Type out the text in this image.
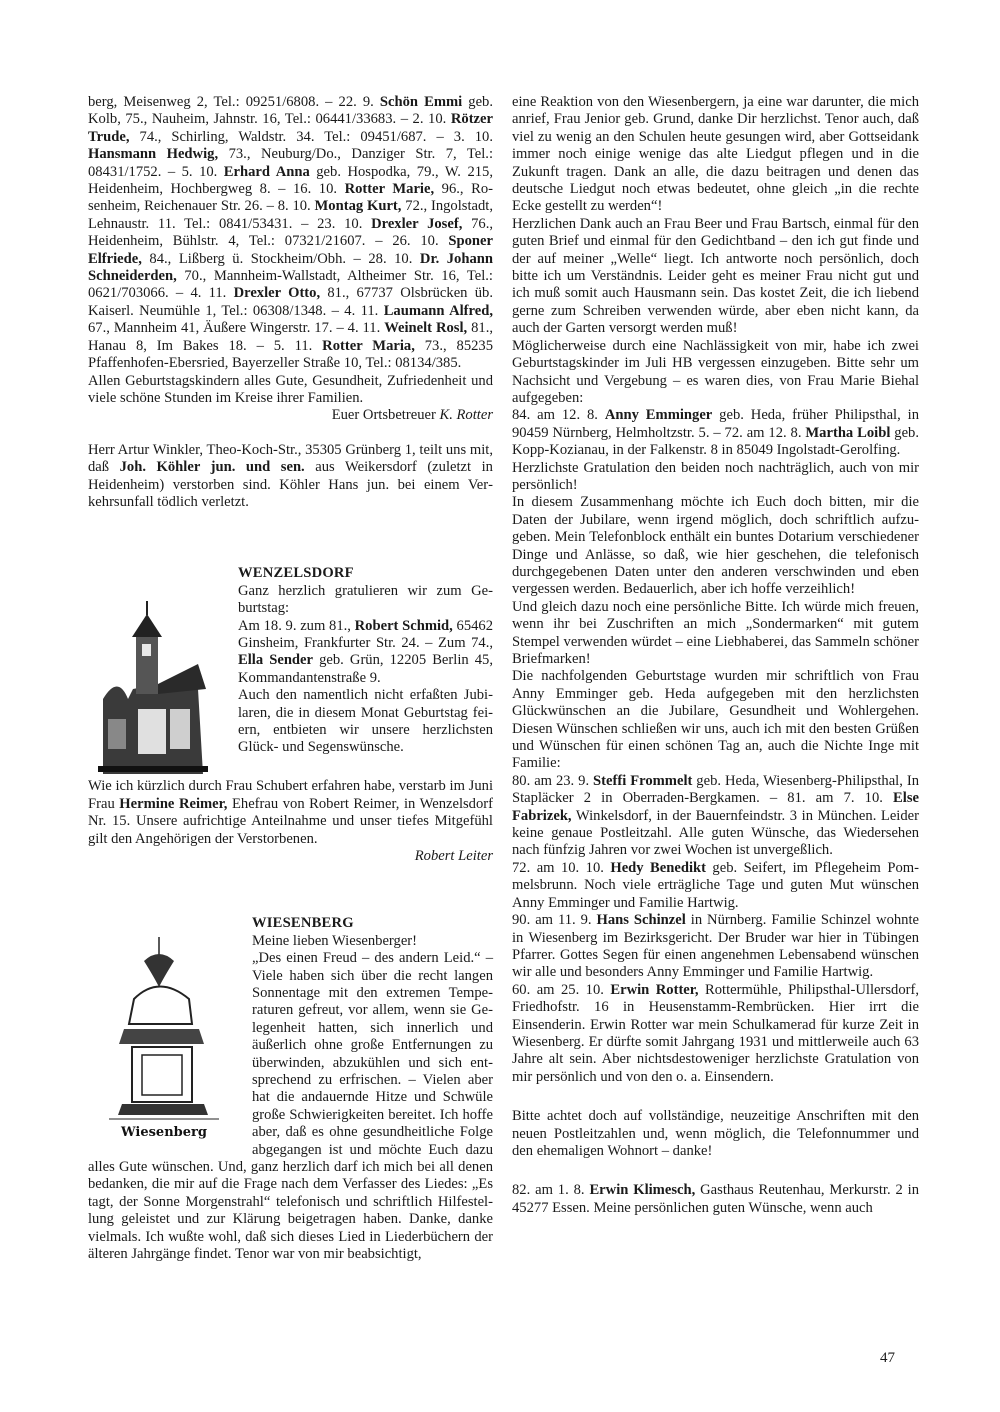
berg, Meisenweg 2, Tel.: 09251/6808. – 22. 9. Schön Emmi geb. Kolb, 75., Nauheim, Jahnstr. 16, Tel.: 06441/33683. – 2. 10. Rötzer Trude, 74., Schirling, Waldstr. 34. Tel.: 09451/687. – 3. 10. Hansmann Hedwig, 73., Neuburg/Do., Danziger Str. 7, Tel.: 08431/1752. – 5. 10. Erhard Anna geb. Hospodka, 79., W. 215, Heidenheim, Hochbergweg 8. – 16. 10. Rotter Marie, 96., Rosenheim, Reichenauer Str. 26. – 8. 10. Montag Kurt, 72., Ingolstadt, Lehnaustr. 11. Tel.: 0841/53431. – 23. 10. Drexler Josef, 76., Heidenheim, Bühlstr. 4, Tel.: 07321/21607. – 26. 10. Sponer Elfriede, 84., Lißberg ü. Stockheim/Obh. – 28. 10. Dr. Johann Schneiderden, 70., Mannheim-Wallstadt, Altheimer Str. 16, Tel.: 0621/703066. – 4. 11. Drexler Otto, 81., 67737 Olsbrücken üb. Kaiserl. Neumühle 1, Tel.: 06308/1348. – 4. 11. Laumann Alfred, 67., Mannheim 41, Äußere Wingerstr. 17. – 4. 11. Weinelt Rosl, 81., Hanau 8, Im Bakes 18. – 5. 11. Rotter Maria, 73., 85235 Pfaffenhofen-Ebersried, Bayerzeller Straße 10, Tel.: 08134/385.

Allen Geburtstagskindern alles Gute, Gesundheit, Zufriedenheit und viele schöne Stunden im Kreise ihrer Familien.

Euer Ortsbetreuer K. Rotter

Herr Artur Winkler, Theo-Koch-Str., 35305 Grünberg 1, teilt uns mit, daß Joh. Köhler jun. und sen. aus Weikersdorf (zuletzt in Heidenheim) verstorben sind. Köhler Hans jun. bei einem Verkehrsunfall tödlich verletzt.

WENZELSDORF

Ganz herzlich gratulieren wir zum Geburtstag:

Am 18. 9. zum 81., Robert Schmid, 65462 Ginsheim, Frankfurter Str. 24. – Zum 74., Ella Sender geb. Grün, 12205 Berlin 45, Kommandantenstraße 9.

Auch den namentlich nicht erfaßten Jubilaren, die in diesem Monat Geburtstag feiern, entbieten wir unsere herzlichsten Glück- und Segenswünsche.

Wie ich kürzlich durch Frau Schubert erfahren habe, verstarb im Juni Frau Hermine Reimer, Ehefrau von Robert Reimer, in Wenzelsdorf Nr. 15. Unsere aufrichtige Anteilnahme und unser tiefes Mitgefühl gilt den Angehörigen der Verstorbenen.

Robert Leiter

Wiesenberg

WIESENBERG

Meine lieben Wiesenberger!

„Des einen Freud – des andern Leid.“ – Viele haben sich über die recht langen Sonnentage mit den extremen Temperaturen gefreut, vor allem, wenn sie Gelegenheit hatten, sich innerlich und äußerlich ohne große Entfernungen zu überwinden, abzukühlen und sich entsprechend zu erfrischen. – Vielen aber hat die andauernde Hitze und Schwüle große Schwierigkeiten bereitet. Ich hoffe aber, daß es ohne gesundheitliche Folge abgegangen ist und möchte Euch dazu alles Gute wünschen. Und, ganz herzlich darf ich mich bei all denen bedanken, die mir auf die Frage nach dem Verfasser des Liedes: „Es tagt, der Sonne Morgenstrahl“ telefonisch und schriftlich Hilfestellung geleistet und zur Klärung beigetragen haben. Danke, danke vielmals. Ich wußte wohl, daß sich dieses Lied in Liederbüchern der älteren Jahrgänge findet. Tenor war von mir beabsichtigt,

eine Reaktion von den Wiesenbergern, ja eine war darunter, die mich anrief, Frau Jenior geb. Grund, danke Dir herzlichst. Tenor auch, daß viel zu wenig an den Schulen heute gesungen wird, aber Gottseidank immer noch einige wenige das alte Liedgut pflegen und in die Zukunft tragen. Dank an alle, die dazu beitragen und denen das deutsche Liedgut noch etwas bedeutet, ohne gleich „in die rechte Ecke gestellt zu werden“!

Herzlichen Dank auch an Frau Beer und Frau Bartsch, einmal für den guten Brief und einmal für den Gedichtband – den ich gut finde und der auf meiner „Welle“ liegt. Ich antworte noch persönlich, doch bitte ich um Verständnis. Leider geht es meiner Frau nicht gut und ich muß somit auch Hausmann sein. Das kostet Zeit, die ich liebend gerne zum Schreiben verwenden würde, aber eben nicht kann, da auch der Garten versorgt werden muß!

Möglicherweise durch eine Nachlässigkeit von mir, habe ich zwei Geburtstagskinder im Juli HB vergessen einzugeben. Bitte sehr um Nachsicht und Vergebung – es waren dies, von Frau Marie Biehal aufgegeben:

84. am 12. 8. Anny Emminger geb. Heda, früher Philipsthal, in 90459 Nürnberg, Helmholtzstr. 5. – 72. am 12. 8. Martha Loibl geb. Kopp-Kozianau, in der Falkenstr. 8 in 85049 Ingolstadt-Gerolfing.

Herzlichste Gratulation den beiden noch nachträglich, auch von mir persönlich!

In diesem Zusammenhang möchte ich Euch doch bitten, mir die Daten der Jubilare, wenn irgend möglich, doch schriftlich aufzugeben. Mein Telefonblock enthält ein buntes Dotarium verschiedener Dinge und Anlässe, so daß, wie hier geschehen, die telefonisch durchgegebenen Daten unter den anderen verschwinden und eben vergessen werden. Bedauerlich, aber ich hoffe verzeihlich!

Und gleich dazu noch eine persönliche Bitte. Ich würde mich freuen, wenn ihr bei Zuschriften an mich „Sondermarken“ mit gutem Stempel verwenden würdet – eine Liebhaberei, das Sammeln schöner Briefmarken!

Die nachfolgenden Geburtstage wurden mir schriftlich von Frau Anny Emminger geb. Heda aufgegeben mit den herzlichsten Glückwünschen an die Jubilare, Gesundheit und Wohlergehen. Diesen Wünschen schließen wir uns, auch ich mit den besten Grüßen und Wünschen für einen schönen Tag an, auch die Nichte Inge mit Familie:

80. am 23. 9. Steffi Frommelt geb. Heda, Wiesenberg-Philipsthal, In Stapläcker 2 in Oberraden-Bergkamen. – 81. am 7. 10. Else Fabrizek, Winkelsdorf, in der Bauernfeindstr. 3 in München. Leider keine genaue Postleitzahl. Alle guten Wünsche, das Wiedersehen nach fünfzig Jahren vor zwei Wochen ist unvergeßlich.

72. am 10. 10. Hedy Benedikt geb. Seifert, im Pflegeheim Pommelsbrunn. Noch viele erträgliche Tage und guten Mut wünschen Anny Emminger und Familie Hartwig.

90. am 11. 9. Hans Schinzel in Nürnberg. Familie Schinzel wohnte in Wiesenberg im Bezirksgericht. Der Bruder war hier in Tübingen Pfarrer. Gottes Segen für einen angenehmen Lebensabend wünschen wir alle und besonders Anny Emminger und Familie Hartwig.

60. am 25. 10. Erwin Rotter, Rottermühle, Philipsthal-Ullersdorf, Friedhofstr. 16 in Heusenstamm-Rembrücken. Hier irrt die Einsenderin. Erwin Rotter war mein Schulkamerad für kurze Zeit in Wiesenberg. Er dürfte somit Jahrgang 1931 und mittlerweile auch 63 Jahre alt sein. Aber nichtsdestoweniger herzlichste Gratulation von mir persönlich und von den o. a. Einsendern.

Bitte achtet doch auf vollständige, neuzeitige Anschriften mit den neuen Postleitzahlen und, wenn möglich, die Telefonnummer und den ehemaligen Wohnort – danke!

82. am 1. 8. Erwin Klimesch, Gasthaus Reutenhau, Merkurstr. 2 in 45277 Essen. Meine persönlichen guten Wünsche, wenn auch

47
